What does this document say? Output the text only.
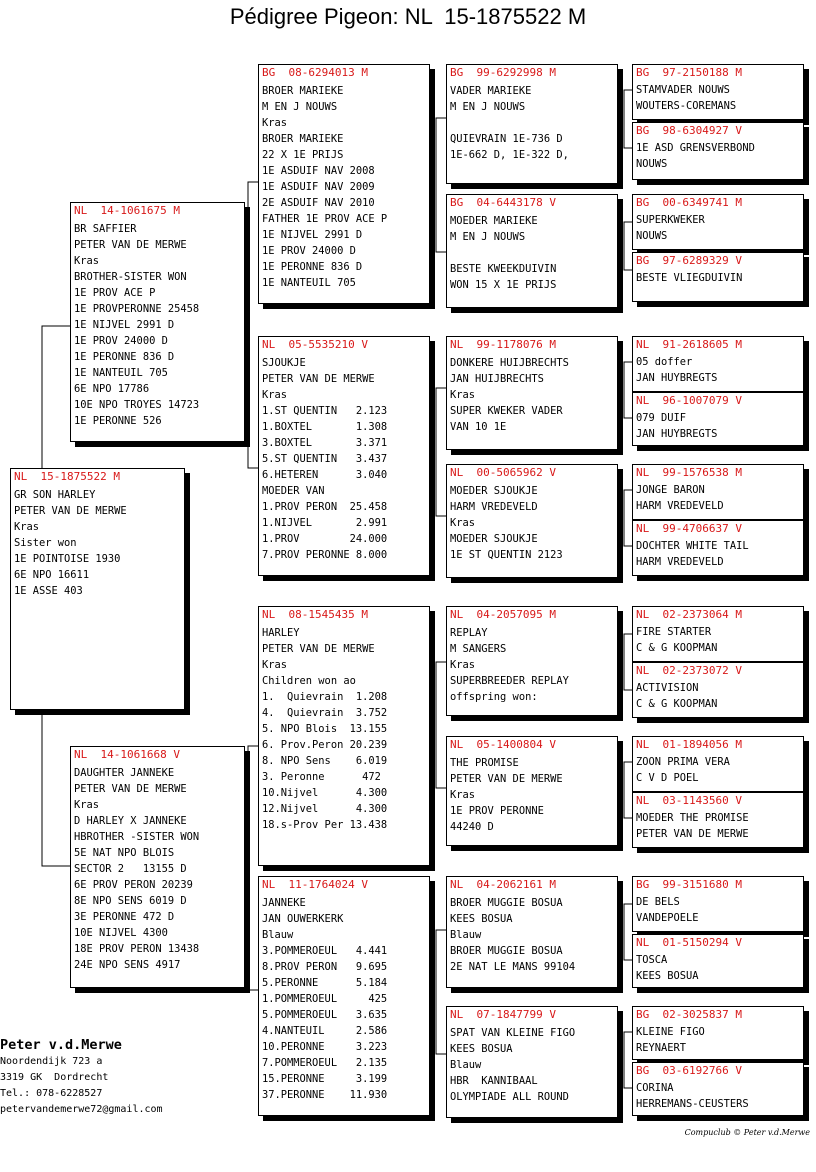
Pédigree Pigeon: NL  15-1875522 M
NL  15-1875522 M
GR SON HARLEY
PETER VAN DE MERWE
Kras
Sister won
1E POINTOISE 1930
6E NPO 16611
1E ASSE 403
NL  14-1061675 M
BR SAFFIER
PETER VAN DE MERWE
Kras
BROTHER-SISTER WON
1E PROV ACE P
1E PROVPERONNE 25458
1E NIJVEL 2991 D
1E PROV 24000 D
1E PERONNE 836 D
1E NANTEUIL 705
6E NPO 17786
10E NPO TROYES 14723
1E PERONNE 526
NL  14-1061668 V
DAUGHTER JANNEKE
PETER VAN DE MERWE
Kras
D HARLEY X JANNEKE
HBROTHER -SISTER WON
5E NAT NPO BLOIS
SECTOR 2   13155 D
6E PROV PERON 20239
8E NPO SENS 6019 D
3E PERONNE 472 D
10E NIJVEL 4300
18E PROV PERON 13438
24E NPO SENS 4917
BG  08-6294013 M
BROER MARIEKE
M EN J NOUWS
Kras
BROER MARIEKE
22 X 1E PRIJS
1E ASDUIF NAV 2008
1E ASDUIF NAV 2009
2E ASDUIF NAV 2010
FATHER 1E PROV ACE P
1E NIJVEL 2991 D
1E PROV 24000 D
1E PERONNE 836 D
1E NANTEUIL 705
NL  05-5535210 V
SJOUKJE
PETER VAN DE MERWE
Kras
1.ST QUENTIN   2.123
1.BOXTEL       1.308
3.BOXTEL       3.371
5.ST QUENTIN   3.437
6.HETEREN      3.040
MOEDER VAN
1.PROV PERON  25.458
1.NIJVEL       2.991
1.PROV        24.000
7.PROV PERONNE 8.000
NL  08-1545435 M
HARLEY
PETER VAN DE MERWE
Kras
Children won ao
1.  Quievrain  1.208
4.  Quievrain  3.752
5. NPO Blois  13.155
6. Prov.Peron 20.239
8. NPO Sens    6.019
3. Peronne      472
10.Nijvel      4.300
12.Nijvel      4.300
18.s-Prov Per 13.438
NL  11-1764024 V
JANNEKE
JAN OUWERKERK
Blauw
3.POMMEROEUL   4.441
8.PROV PERON   9.695
5.PERONNE      5.184
1.POMMEROEUL     425
5.POMMEROEUL   3.635
4.NANTEUIL     2.586
10.PERONNE     3.223
7.POMMEROEUL   2.135
15.PERONNE     3.199
37.PERONNE    11.930
BG  99-6292998 M
VADER MARIEKE
M EN J NOUWS
QUIEVRAIN 1E-736 D
1E-662 D, 1E-322 D,
BG  04-6443178 V
MOEDER MARIEKE
M EN J NOUWS
BESTE KWEEKDUIVIN
WON 15 X 1E PRIJS
NL  99-1178076 M
DONKERE HUIJBRECHTS
JAN HUIJBRECHTS
Kras
SUPER KWEKER VADER
VAN 10 1E
NL  00-5065962 V
MOEDER SJOUKJE
HARM VREDEVELD
Kras
MOEDER SJOUKJE
1E ST QUENTIN 2123
NL  04-2057095 M
REPLAY
M SANGERS
Kras
SUPERBREEDER REPLAY
offspring won:
NL  05-1400804 V
THE PROMISE
PETER VAN DE MERWE
Kras
1E PROV PERONNE
44240 D
NL  04-2062161 M
BROER MUGGIE BOSUA
KEES BOSUA
Blauw
BROER MUGGIE BOSUA
2E NAT LE MANS 99104
NL  07-1847799 V
SPAT VAN KLEINE FIGO
KEES BOSUA
Blauw
HBR  KANNIBAAL
OLYMPIADE ALL ROUND
BG  97-2150188 M
STAMVADER NOUWS
WOUTERS-COREMANS
BG  98-6304927 V
1E ASD GRENSVERBOND
NOUWS
BG  00-6349741 M
SUPERKWEKER
NOUWS
BG  97-6289329 V
BESTE VLIEGDUIVIN
NL  91-2618605 M
05 doffer
JAN HUYBREGTS
NL  96-1007079 V
079 DUIF
JAN HUYBREGTS
NL  99-1576538 M
JONGE BARON
HARM VREDEVELD
NL  99-4706637 V
DOCHTER WHITE TAIL
HARM VREDEVELD
NL  02-2373064 M
FIRE STARTER
C & G KOOPMAN
NL  02-2373072 V
ACTIVISION
C & G KOOPMAN
NL  01-1894056 M
ZOON PRIMA VERA
C V D POEL
NL  03-1143560 V
MOEDER THE PROMISE
PETER VAN DE MERWE
BG  99-3151680 M
DE BELS
VANDEPOELE
NL  01-5150294 V
TOSCA
KEES BOSUA
BG  02-3025837 M
KLEINE FIGO
REYNAERT
BG  03-6192766 V
CORINA
HERREMANS-CEUSTERS
Peter v.d.Merwe
Noordendijk 723 a
3319 GK  Dordrecht
Tel.: 078-6228527
petervandemerwe72@gmail.com
Compuclub © Peter v.d.Merwe
